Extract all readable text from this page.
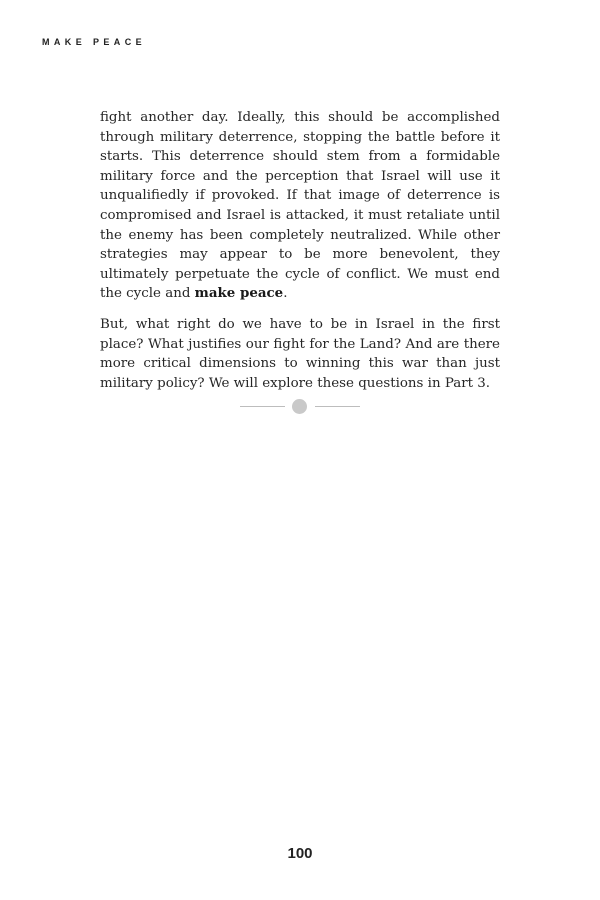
MAKE PEACE

fight another day. Ideally, this should be accomplished through military deterrence, stopping the battle before it starts. This deterrence should stem from a formidable military force and the perception that Israel will use it unqualifiedly if provoked. If that image of deterrence is compromised and Israel is attacked, it must retaliate until the enemy has been completely neutralized. While other strategies may appear to be more benevolent, they ultimately perpetuate the cycle of conflict. We must end the cycle and make peace.

But, what right do we have to be in Israel in the first place? What justifies our fight for the Land? And are there more critical dimensions to winning this war than just military policy? We will explore these questions in Part 3.

100
